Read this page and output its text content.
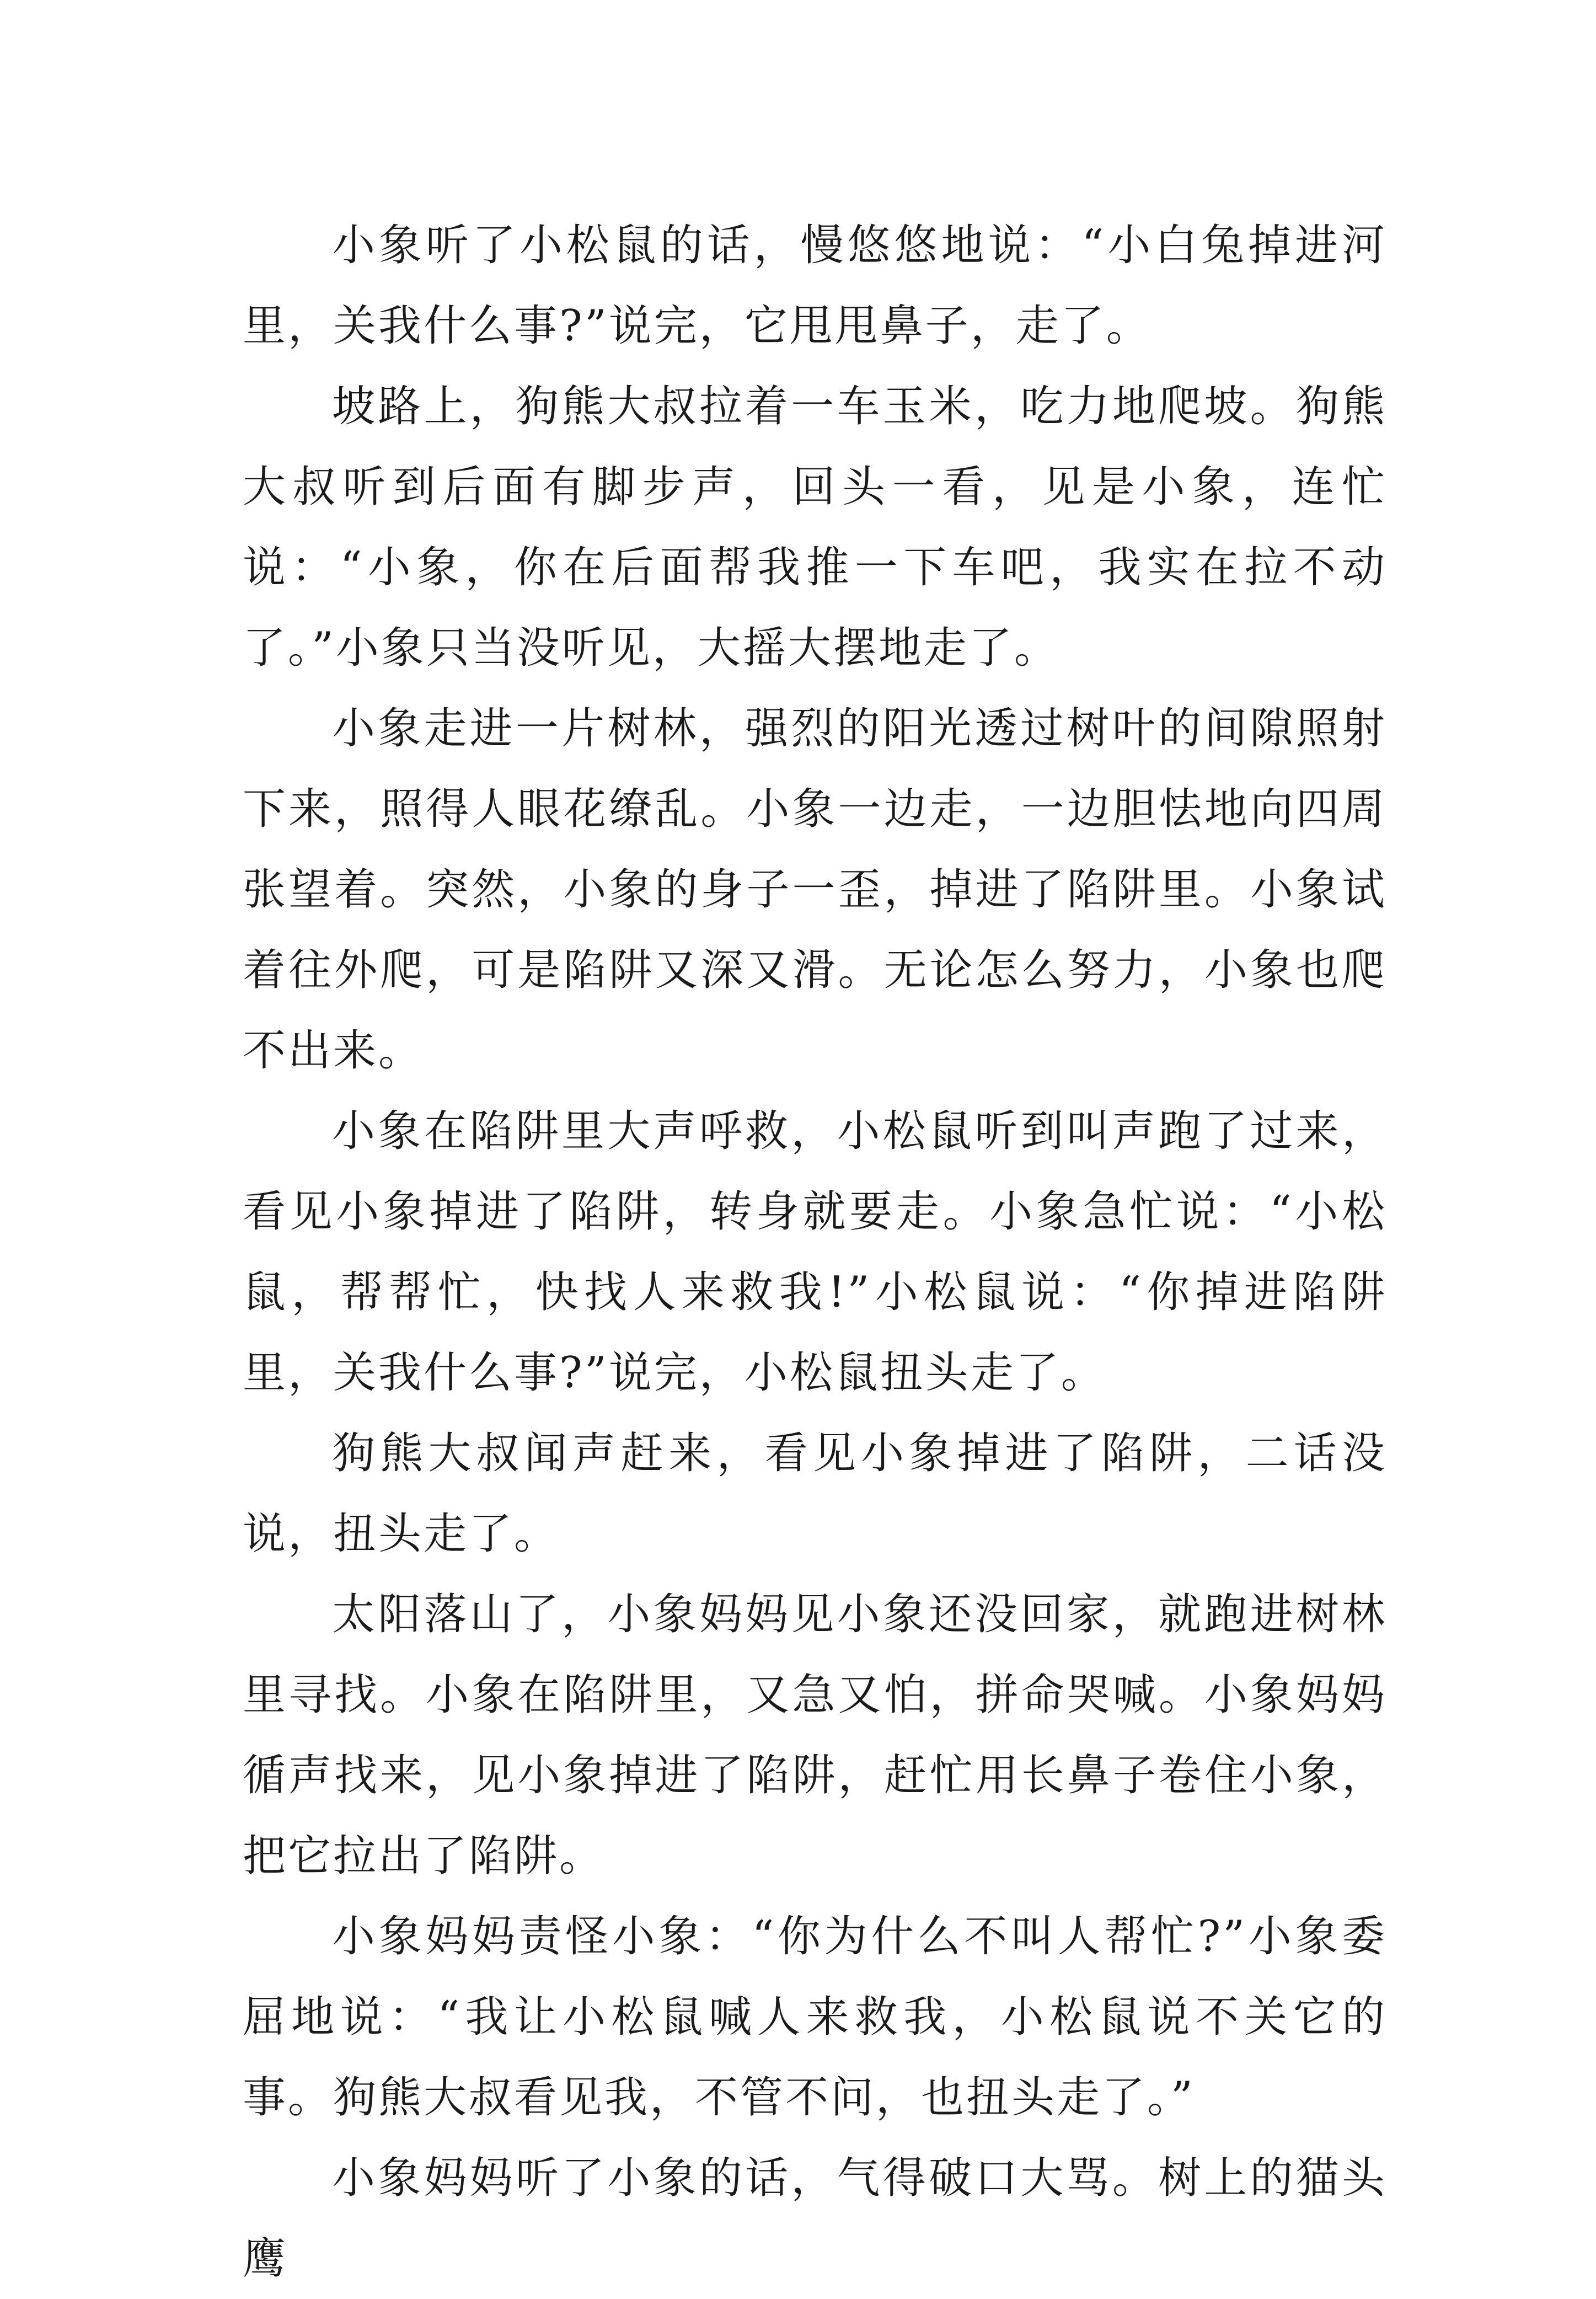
小象听了小松鼠的话，慢悠悠地说：“小白兔掉进河里，关我什么事?”说完，它甩甩鼻子，走了。

坡路上，狗熊大叔拉着一车玉米，吃力地爬坡。狗熊大叔听到后面有脚步声，回头一看，见是小象，连忙说：“小象，你在后面帮我推一下车吧，我实在拉不动了。”小象只当没听见，大摇大摆地走了。

小象走进一片树林，强烈的阳光透过树叶的间隙照射下来，照得人眼花缭乱。小象一边走，一边胆怯地向四周张望着。突然，小象的身子一歪，掉进了陷阱里。小象试着往外爬，可是陷阱又深又滑。无论怎么努力，小象也爬不出来。

小象在陷阱里大声呼救，小松鼠听到叫声跑了过来，看见小象掉进了陷阱，转身就要走。小象急忙说：“小松鼠，帮帮忙，快找人来救我!”小松鼠说：“你掉进陷阱里，关我什么事?”说完，小松鼠扭头走了。

狗熊大叔闻声赶来，看见小象掉进了陷阱，二话没说，扭头走了。

太阳落山了，小象妈妈见小象还没回家，就跑进树林里寻找。小象在陷阱里，又急又怕，拼命哭喊。小象妈妈循声找来，见小象掉进了陷阱，赶忙用长鼻子卷住小象，把它拉出了陷阱。

小象妈妈责怪小象：“你为什么不叫人帮忙?”小象委屈地说：“我让小松鼠喊人来救我，小松鼠说不关它的事。狗熊大叔看见我，不管不问，也扭头走了。”

小象妈妈听了小象的话，气得破口大骂。树上的猫头鹰
